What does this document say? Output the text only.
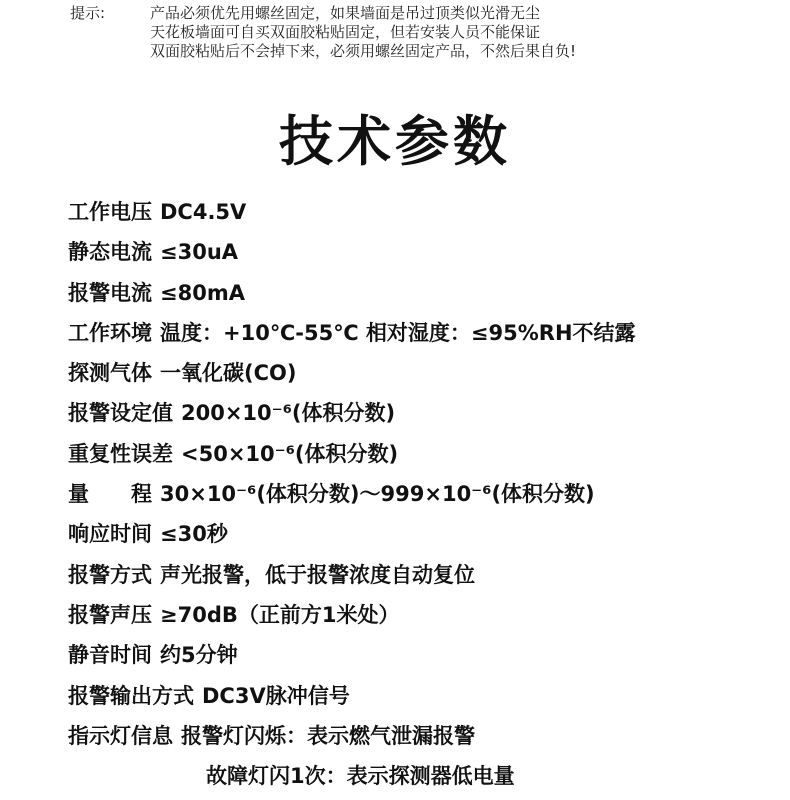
提示:	产品必须优先用螺丝固定，如果墙面是吊过顶类似光滑无尘
天花板墙面可自买双面胶粘贴固定，但若安装人员不能保证
双面胶粘贴后不会掉下来，必须用螺丝固定产品，不然后果自负!
技术参数
工作电压 DC4.5V
静态电流 ≤30uA
报警电流 ≤80mA
工作环境 温度：+10℃-55℃ 相对湿度：≤95%RH不结露
探测气体 一氧化碳(CO)
报警设定值 200×10⁻⁶(体积分数)
重复性误差 <50×10⁻⁶(体积分数)
量　　程 30×10⁻⁶(体积分数)～999×10⁻⁶(体积分数)
响应时间 ≤30秒
报警方式 声光报警，低于报警浓度自动复位
报警声压 ≥70dB（正前方1米处）
静音时间 约5分钟
报警输出方式 DC3V脉冲信号
指示灯信息 报警灯闪烁：表示燃气泄漏报警
故障灯闪1次：表示探测器低电量
